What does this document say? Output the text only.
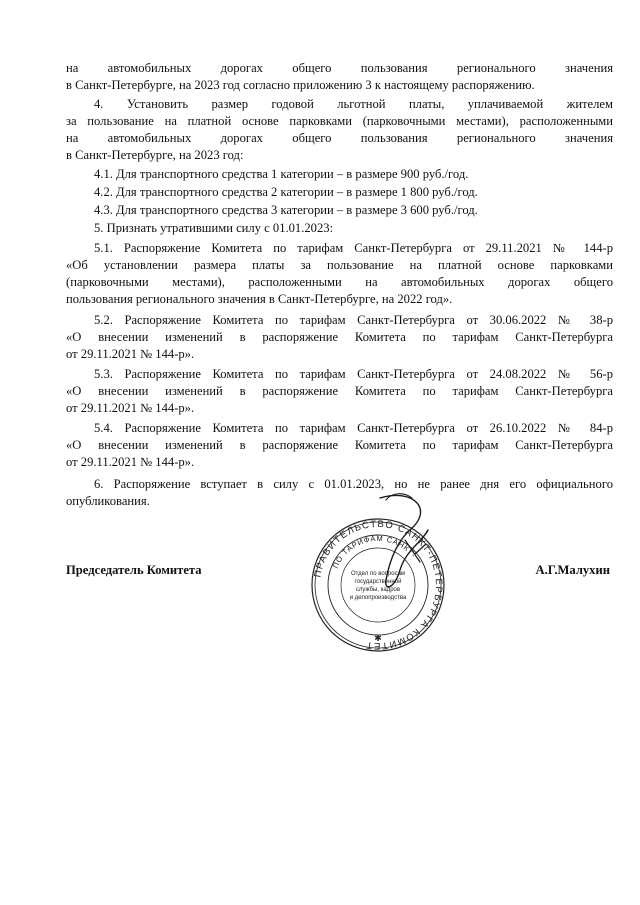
на автомобильных дорогах общего пользования регионального значения
в Санкт-Петербурге, на 2023 год согласно приложению 3 к настоящему распоряжению.

4. Установить размер годовой льготной платы, уплачиваемой жителем
за пользование на платной основе парковками (парковочными местами), расположенными
на автомобильных дорогах общего пользования регионального значения
в Санкт-Петербурге, на 2023 год:

4.1. Для транспортного средства 1 категории – в размере 900 руб./год.

4.2. Для транспортного средства 2 категории – в размере 1 800 руб./год.

4.3. Для транспортного средства 3 категории – в размере 3 600 руб./год.

5. Признать утратившими силу с 01.01.2023:

5.1. Распоряжение Комитета по тарифам Санкт-Петербурга от 29.11.2021 № 144-р
«Об установлении размера платы за пользование на платной основе парковками
(парковочными местами), расположенными на автомобильных дорогах общего
пользования регионального значения в Санкт-Петербурге, на 2022 год».

5.2. Распоряжение Комитета по тарифам Санкт-Петербурга от 30.06.2022 № 38-р
«О внесении изменений в распоряжение Комитета по тарифам Санкт-Петербурга
от 29.11.2021 № 144-р».

5.3. Распоряжение Комитета по тарифам Санкт-Петербурга от 24.08.2022 № 56-р
«О внесении изменений в распоряжение Комитета по тарифам Санкт-Петербурга
от 29.11.2021 № 144-р».

5.4. Распоряжение Комитета по тарифам Санкт-Петербурга от 26.10.2022 № 84-р
«О внесении изменений в распоряжение Комитета по тарифам Санкт-Петербурга
от 29.11.2021 № 144-р».

6. Распоряжение вступает в силу с 01.01.2023, но не ранее дня его официального
опубликования.

Председатель Комитета	А.Г.Малухин
ПРАВИТЕЛЬСТВО САНКТ-ПЕТЕРБУРГА КОМИТЕТ
ПО ТАРИФАМ САНКТ-
Отдел по вопросам
государственной
службы, кадров
и делопроизводства
✱
